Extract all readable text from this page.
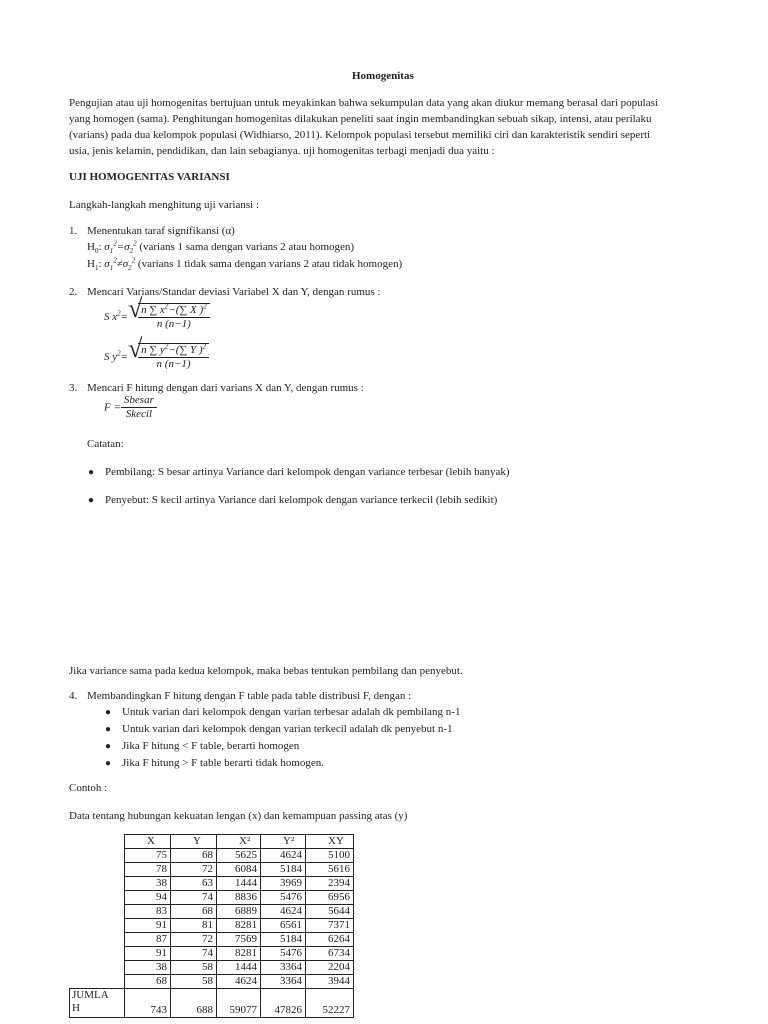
Homogenitas
Pengujian atau uji homogenitas bertujuan untuk meyakinkan bahwa sekumpulan data yang akan diukur memang berasal dari populasi
yang homogen (sama). Penghitungan homogenitas dilakukan peneliti saat ingin membandingkan sebuah sikap, intensi, atau perilaku
(varians) pada dua kelompok populasi (Widhiarso, 2011). Kelompok populasi tersebut memiliki ciri dan karakteristik sendiri seperti
usia, jenis kelamin, pendidikan, dan lain sebagianya. uji homogenitas terbagi menjadi dua yaitu :
UJI HOMOGENITAS VARIANSI
Langkah-langkah menghitung uji variansi :
1. Menentukan taraf signifikansi (α)
$H_0$: $\sigma_1^2=\sigma_2^2$ (varians 1 sama dengan varians 2 atau homogen)
$H_1$: $\sigma_1^2\ne\sigma_2^2$ (varians 1 tidak sama dengan varians 2 atau tidak homogen)
2. Mencari Varians/Standar deviasi Variabel X dan Y, dengan rumus :
S $x^2=$ √
$\frac{n \sum x^2-(\sum X )^2}{n (n-1)}$
S $y^2=$ √
$\frac{n \sum y^2-(\sum Y )^2}{n (n-1)}$
3. Mencari F hitung dengan dari varians X dan Y, dengan rumus :
$F = \frac{\text{Sbesar}}{\text{Skecil}}$
Catatan:
● Pembilang: S besar artinya Variance dari kelompok dengan variance terbesar (lebih banyak)
● Penyebut: S kecil artinya Variance dari kelompok dengan variance terkecil (lebih sedikit)
Jika variance sama pada kedua kelompok, maka bebas tentukan pembilang dan penyebut.
4. Membandingkan F hitung dengan F table pada table distribusi F, dengan :
● Untuk varian dari kelompok dengan varian terbesar adalah dk pembilang n-1
● Untuk varian dari kelompok dengan varian terkecil adalah dk penyebut n-1
● Jika F hitung < F table, berarti homogen
● Jika F hitung > F table berarti tidak homogen.
Contoh :
Data tentang hubungan kekuatan lengan (x) dan kemampuan passing atas (y)
	X	Y	X²	Y²	XY
	75	68	5625	4624	5100
	78	72	6084	5184	5616
	38	63	1444	3969	2394
	94	74	8836	5476	6956
	83	68	6889	4624	5644
	91	81	8281	6561	7371
	87	72	7569	5184	6264
	91	74	8281	5476	6734
	38	58	1444	3364	2204
	68	58	4624	3364	3944
JUMLA
H	743	688	59077	47826	52227
